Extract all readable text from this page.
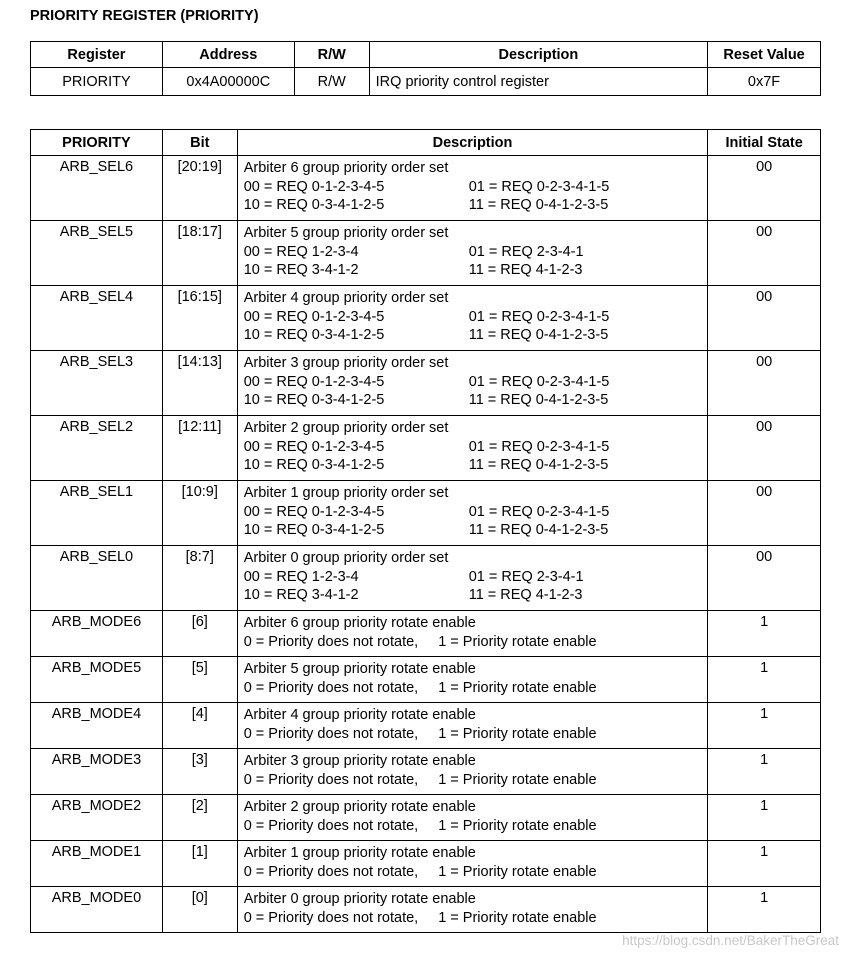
PRIORITY REGISTER (PRIORITY)
Register	Address	R/W	Description	Reset Value
PRIORITY	0x4A00000C	R/W	IRQ priority control register	0x7F
PRIORITY	Bit	Description	Initial State
ARB_SEL6	[20:19]	Arbiter 6 group priority order set
00 = REQ 0-1-2-3-4-5 01 = REQ 0-2-3-4-1-5
10 = REQ 0-3-4-1-2-5 11 = REQ 0-4-1-2-3-5	00
ARB_SEL5	[18:17]	Arbiter 5 group priority order set
00 = REQ 1-2-3-4 01 = REQ 2-3-4-1
10 = REQ 3-4-1-2 11 = REQ 4-1-2-3	00
ARB_SEL4	[16:15]	Arbiter 4 group priority order set
00 = REQ 0-1-2-3-4-5 01 = REQ 0-2-3-4-1-5
10 = REQ 0-3-4-1-2-5 11 = REQ 0-4-1-2-3-5	00
ARB_SEL3	[14:13]	Arbiter 3 group priority order set
00 = REQ 0-1-2-3-4-5 01 = REQ 0-2-3-4-1-5
10 = REQ 0-3-4-1-2-5 11 = REQ 0-4-1-2-3-5	00
ARB_SEL2	[12:11]	Arbiter 2 group priority order set
00 = REQ 0-1-2-3-4-5 01 = REQ 0-2-3-4-1-5
10 = REQ 0-3-4-1-2-5 11 = REQ 0-4-1-2-3-5	00
ARB_SEL1	[10:9]	Arbiter 1 group priority order set
00 = REQ 0-1-2-3-4-5 01 = REQ 0-2-3-4-1-5
10 = REQ 0-3-4-1-2-5 11 = REQ 0-4-1-2-3-5	00
ARB_SEL0	[8:7]	Arbiter 0 group priority order set
00 = REQ 1-2-3-4 01 = REQ 2-3-4-1
10 = REQ 3-4-1-2 11 = REQ 4-1-2-3	00
ARB_MODE6	[6]	Arbiter 6 group priority rotate enable
0 = Priority does not rotate, 1 = Priority rotate enable	1
ARB_MODE5	[5]	Arbiter 5 group priority rotate enable
0 = Priority does not rotate, 1 = Priority rotate enable	1
ARB_MODE4	[4]	Arbiter 4 group priority rotate enable
0 = Priority does not rotate, 1 = Priority rotate enable	1
ARB_MODE3	[3]	Arbiter 3 group priority rotate enable
0 = Priority does not rotate, 1 = Priority rotate enable	1
ARB_MODE2	[2]	Arbiter 2 group priority rotate enable
0 = Priority does not rotate, 1 = Priority rotate enable	1
ARB_MODE1	[1]	Arbiter 1 group priority rotate enable
0 = Priority does not rotate, 1 = Priority rotate enable	1
ARB_MODE0	[0]	Arbiter 0 group priority rotate enable
0 = Priority does not rotate, 1 = Priority rotate enable	1
https://blog.csdn.net/BakerTheGreat
